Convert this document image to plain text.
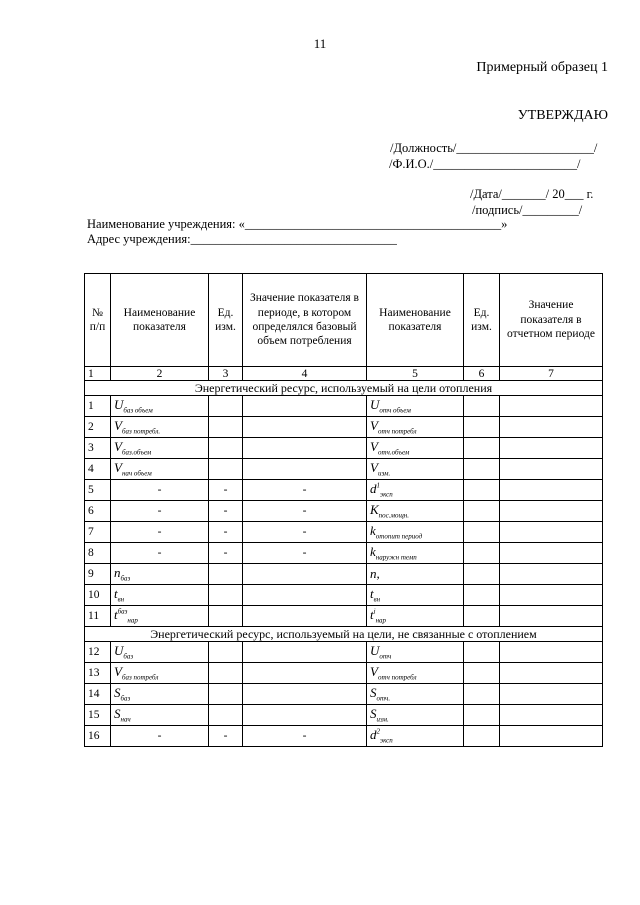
11
Примерный образец 1
УТВЕРЖДАЮ
/Должность/______________________/
/Ф.И.О./_______________________/
/Дата/_______/ 20___ г.
/подпись/_________/
Наименование учреждения: «_________________________________________»
Адрес учреждения:_________________________________
№ п/п	Наименование показателя	Ед. изм.	Значение показателя в периоде, в котором определялся базовый объем потребления	Наименование показателя	Ед. изм.	Значение показателя в отчетном периоде
1	2	3	4	5	6	7
Энергетический ресурс, используемый на цели отопления						
1	$U_{баз объем}$			$U_{отч объем}$		
2	$V_{баз потребл.}$			$V_{отч потребл}$		
3	$V_{баз.объем}$			$V_{отч.объем}$		
4	$V_{нач объем}$			$V_{изм.}$		
5	-	-	-	$d^1_{эксп}$		
6	-	-	-	$K_{пос.мощн.}$		
7	-	-	-	$k_{отопит период}$		
8	-	-	-	$k_{наружн темп}$		
9	$n_{баз}$			n,		
10	$t_{вн}$			$t_{вн}$		
11	$t^{баз}_{нар}$			$t^i_{нар}$		
Энергетический ресурс, используемый на цели, не связанные с отоплением						
12	$U_{баз}$			$U_{отч}$		
13	$V_{баз потребл}$			$V_{отч потребл}$		
14	$S_{баз}$			$S_{отч.}$		
15	$S_{нач}$			$S_{изм.}$		
16	-	-	-	$d^2_{эксп}$		
